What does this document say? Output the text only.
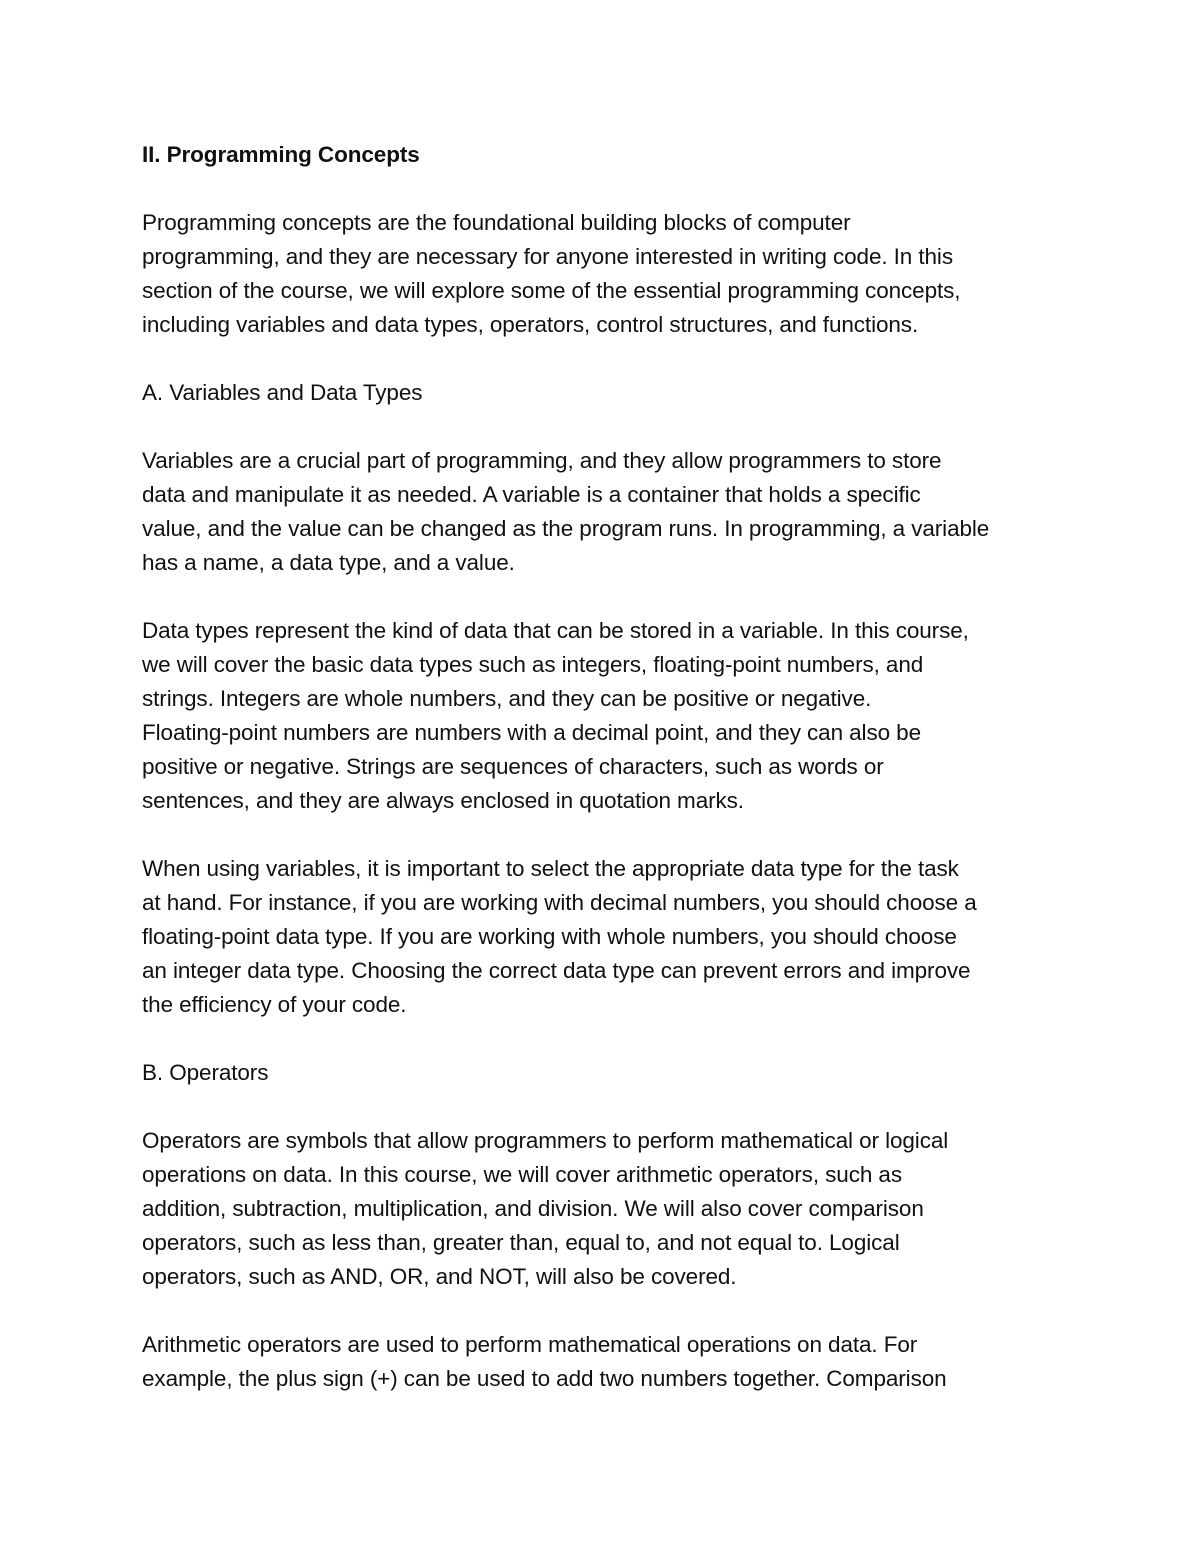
II. Programming Concepts
Programming concepts are the foundational building blocks of computer
programming, and they are necessary for anyone interested in writing code. In this
section of the course, we will explore some of the essential programming concepts,
including variables and data types, operators, control structures, and functions.
A. Variables and Data Types
Variables are a crucial part of programming, and they allow programmers to store
data and manipulate it as needed. A variable is a container that holds a specific
value, and the value can be changed as the program runs. In programming, a variable
has a name, a data type, and a value.
Data types represent the kind of data that can be stored in a variable. In this course,
we will cover the basic data types such as integers, floating-point numbers, and
strings. Integers are whole numbers, and they can be positive or negative.
Floating-point numbers are numbers with a decimal point, and they can also be
positive or negative. Strings are sequences of characters, such as words or
sentences, and they are always enclosed in quotation marks.
When using variables, it is important to select the appropriate data type for the task
at hand. For instance, if you are working with decimal numbers, you should choose a
floating-point data type. If you are working with whole numbers, you should choose
an integer data type. Choosing the correct data type can prevent errors and improve
the efficiency of your code.
B. Operators
Operators are symbols that allow programmers to perform mathematical or logical
operations on data. In this course, we will cover arithmetic operators, such as
addition, subtraction, multiplication, and division. We will also cover comparison
operators, such as less than, greater than, equal to, and not equal to. Logical
operators, such as AND, OR, and NOT, will also be covered.
Arithmetic operators are used to perform mathematical operations on data. For
example, the plus sign (+) can be used to add two numbers together. Comparison
